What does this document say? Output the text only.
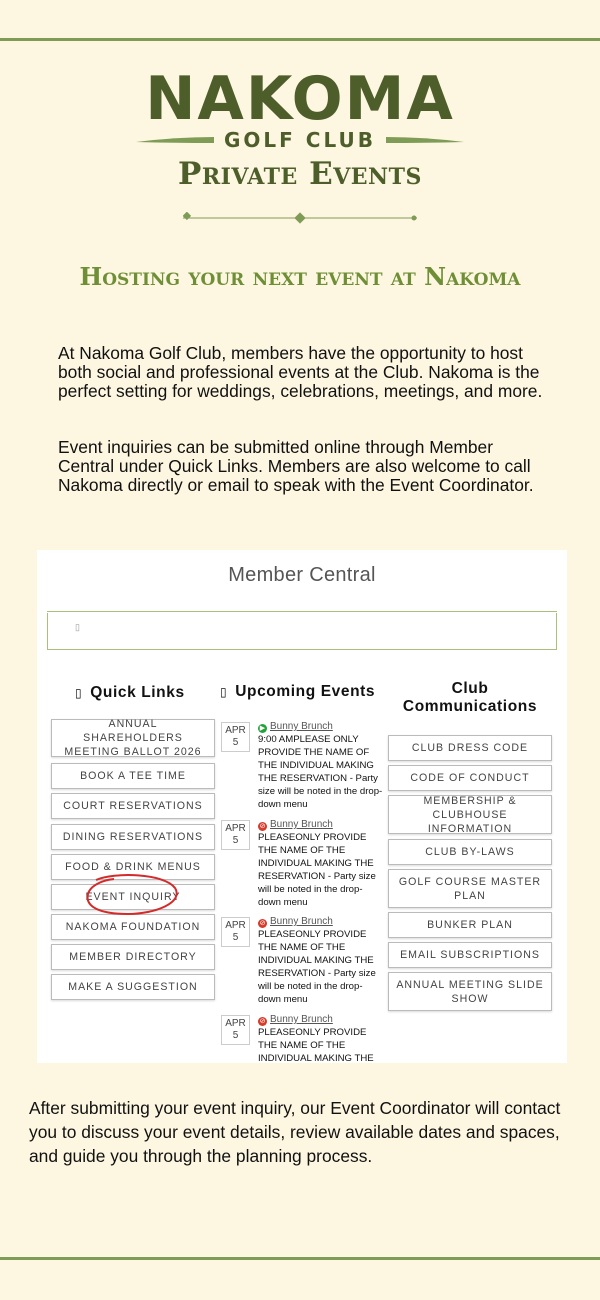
NAKOMA
GOLF CLUB
Private Events
Hosting your next event at Nakoma

At Nakoma Golf Club, members have the opportunity to host both social and professional events at the Club. Nakoma is the perfect setting for weddings, celebrations, meetings, and more.

Event inquiries can be submitted online through Member Central under Quick Links. Members are also welcome to call Nakoma directly or email to speak with the Event Coordinator.

Member Central
▯
▯ Quick Links	▯ Upcoming Events	Club Communications
ANNUAL SHAREHOLDERS MEETING BALLOT 2026
BOOK A TEE TIME
COURT RESERVATIONS
DINING RESERVATIONS
FOOD & DRINK MENUS
EVENT INQUIRY
NAKOMA FOUNDATION
MEMBER DIRECTORY
MAKE A SUGGESTION
APR
5
▶ Bunny Brunch
9:00 AMPLEASE ONLY PROVIDE THE NAME OF THE INDIVIDUAL MAKING THE RESERVATION - Party size will be noted in the drop-down menu
APR
5
⊘ Bunny Brunch
PLEASEONLY PROVIDE THE NAME OF THE INDIVIDUAL MAKING THE RESERVATION - Party size will be noted in the drop-down menu
APR
5
⊘ Bunny Brunch
PLEASEONLY PROVIDE THE NAME OF THE INDIVIDUAL MAKING THE RESERVATION - Party size will be noted in the drop-down menu
APR
5
⊘ Bunny Brunch
PLEASEONLY PROVIDE THE NAME OF THE INDIVIDUAL MAKING THE
CLUB DRESS CODE
CODE OF CONDUCT
MEMBERSHIP & CLUBHOUSE INFORMATION
CLUB BY-LAWS
GOLF COURSE MASTER PLAN
BUNKER PLAN
EMAIL SUBSCRIPTIONS
ANNUAL MEETING SLIDE SHOW

After submitting your event inquiry, our Event Coordinator will contact you to discuss your event details, review available dates and spaces, and guide you through the planning process.
